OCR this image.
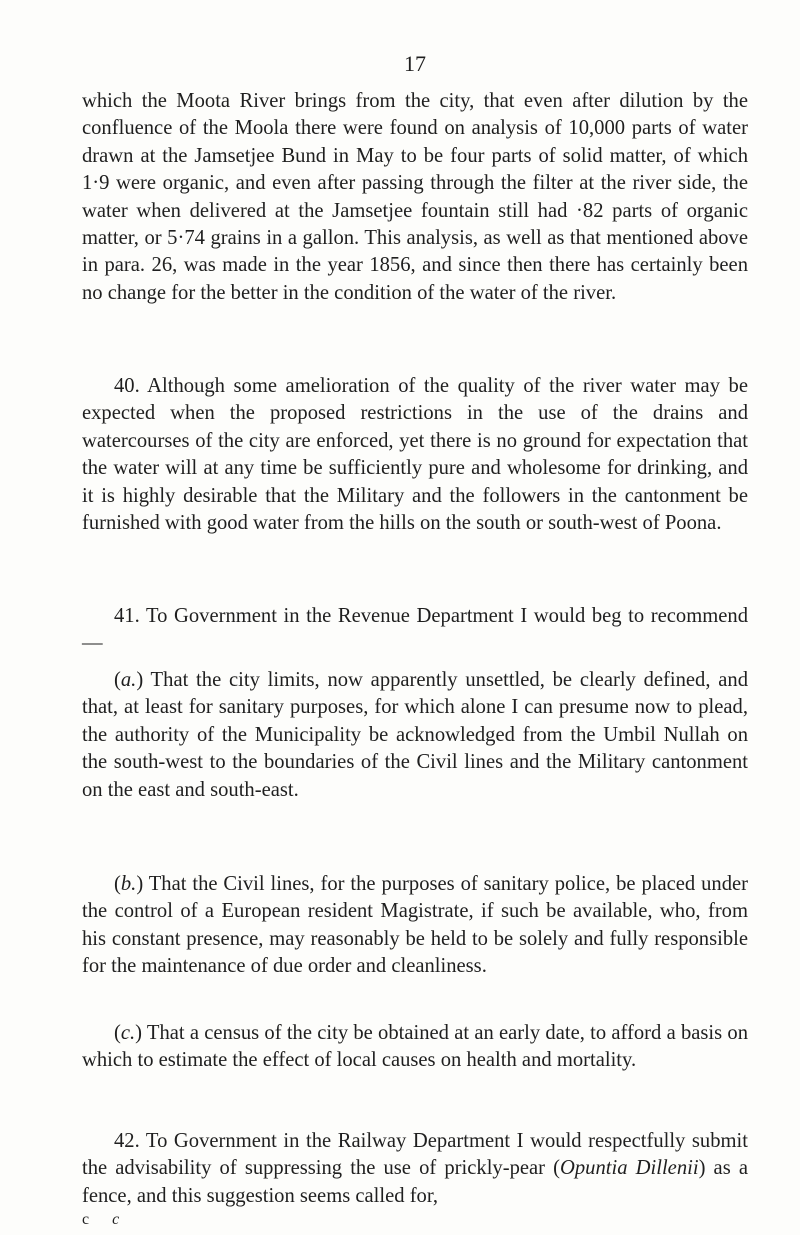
17

which the Moota River brings from the city, that even after dilution by the confluence of the Moola there were found on analysis of 10,000 parts of water drawn at the Jamsetjee Bund in May to be four parts of solid matter, of which 1·9 were organic, and even after passing through the filter at the river side, the water when delivered at the Jamsetjee fountain still had ·82 parts of organic matter, or 5·74 grains in a gallon. This analysis, as well as that mentioned above in para. 26, was made in the year 1856, and since then there has certainly been no change for the better in the condition of the water of the river.

40. Although some amelioration of the quality of the river water may be expected when the proposed restrictions in the use of the drains and watercourses of the city are enforced, yet there is no ground for expectation that the water will at any time be sufficiently pure and wholesome for drinking, and it is highly desirable that the Military and the followers in the cantonment be furnished with good water from the hills on the south or south-west of Poona.

41. To Government in the Revenue Department I would beg to recommend—

(a.) That the city limits, now apparently unsettled, be clearly defined, and that, at least for sanitary purposes, for which alone I can presume now to plead, the authority of the Municipality be acknowledged from the Umbil Nullah on the south-west to the boundaries of the Civil lines and the Military cantonment on the east and south-east.

(b.) That the Civil lines, for the purposes of sanitary police, be placed under the control of a European resident Magistrate, if such be available, who, from his constant presence, may reasonably be held to be solely and fully responsible for the maintenance of due order and cleanliness.

(c.) That a census of the city be obtained at an early date, to afford a basis on which to estimate the effect of local causes on health and mortality.

42. To Government in the Railway Department I would respectfully submit the advisability of suppressing the use of prickly-pear (Opuntia Dillenii) as a fence, and this suggestion seems called for,

c c
